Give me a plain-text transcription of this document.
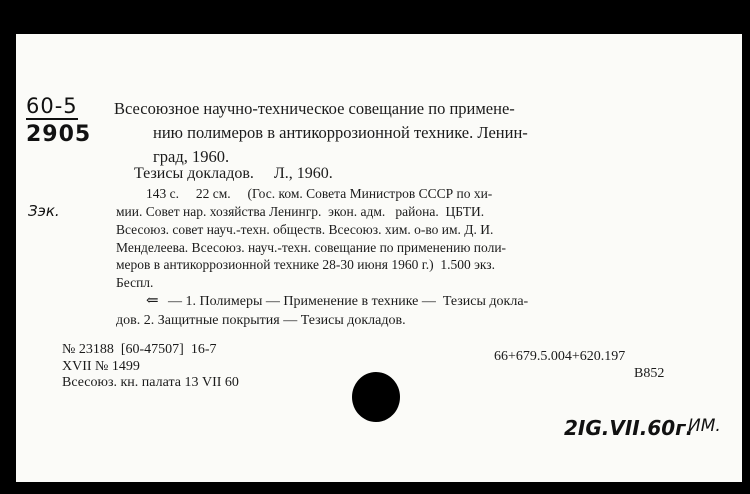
60-5
2905
Зэк.
Всесоюзное научно-техническое совещание по примене-
нию полимеров в антикоррозионной технике. Ленин-
град, 1960.
Тезисы докладов.     Л., 1960.
143 с.     22 см.     (Гос. ком. Совета Министров СССР по хи-
мии. Совет нар. хозяйства Ленингр.  экон. адм.   района.  ЦБТИ.
Всесоюз. совет науч.-техн. обществ. Всесоюз. хим. о-во им. Д. И.
Менделеева. Всесоюз. науч.-техн. совещание по применению поли-
меров в антикоррозионной технике 28-30 июня 1960 г.)  1.500 экз.
Беспл.
⇐ — 1. Полимеры — Применение в технике —  Тезисы доклa-
дов. 2. Защитные покрытия — Тезисы докладов.
№ 23188  [60-47507]  16-7
XVII № 1499
Всесоюз. кн. палата 13 VII 60
66+679.5.004+620.197
B852
2IG.VII.60г.
ИМ.
